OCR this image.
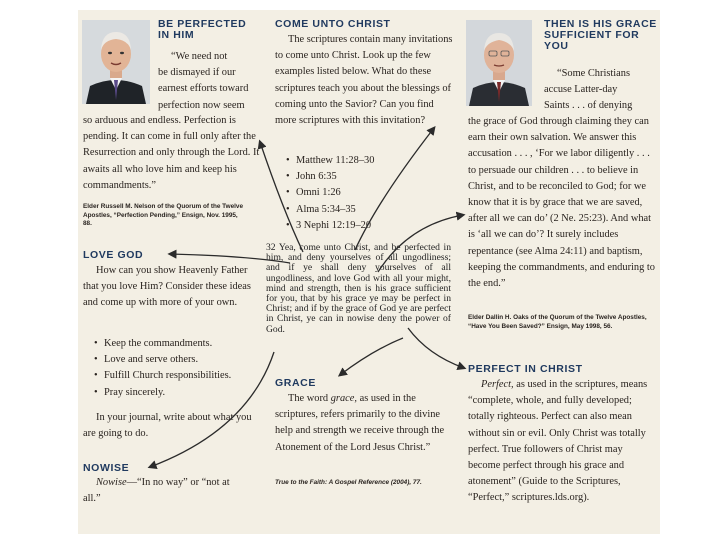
BE PERFECTED
IN HIM

“We need not

be dismayed if our

earnest efforts toward

perfection now seem

so arduous and endless. Perfection is pending. It can come in full only after the Resurrection and only through the Lord. It awaits all who love him and keep his commandments.”
Elder Russell M. Nelson of the Quorum of the Twelve Apostles, “Perfection Pending,” Ensign, Nov. 1995, 88.
LOVE GOD
How can you show Heavenly Father that you love Him? Consider these ideas and come up with more of your own.
• Keep the commandments.
• Love and serve others.
• Fulfill Church responsibilities.
• Pray sincerely.
In your journal, write about what you are going to do.
NOWISE
Nowise—“In no way” or “not at all.”
COME UNTO CHRIST
The scriptures contain many invitations to come unto Christ. Look up the few examples listed below. What do these scriptures teach you about the blessings of coming unto the Savior? Can you find more scriptures with this invitation?
• Matthew 11:28–30
• John 6:35
• Omni 1:26
• Alma 5:34–35
• 3 Nephi 12:19–20
32 Yea, come unto Christ, and be perfected in him, and deny yourselves of all ungodliness; and if ye shall deny yourselves of all ungodliness, and love God with all your might, mind and strength, then is his grace sufficient for you, that by his grace ye may be perfect in Christ; and if by the grace of God ye are perfect in Christ, ye can in nowise deny the power of God.
GRACE
The word grace, as used in the scriptures, refers primarily to the divine help and strength we receive through the Atonement of the Lord Jesus Christ.”
True to the Faith: A Gospel Reference (2004), 77.
THEN IS HIS GRACE
SUFFICIENT FOR
YOU

“Some Christians

accuse Latter-day

Saints . . . of denying

the grace of God through claiming they can earn their own salvation. We answer this accusation . . . , ‘For we labor diligently . . . to persuade our children . . . to believe in Christ, and to be reconciled to God; for we know that it is by grace that we are saved, after all we can do’ (2 Ne. 25:23). And what is ‘all we can do’? It surely includes repentance (see Alma 24:11) and baptism, keeping the commandments, and enduring to the end.”
Elder Dallin H. Oaks of the Quorum of the Twelve Apostles, “Have You Been Saved?” Ensign, May 1998, 56.
PERFECT IN CHRIST
Perfect, as used in the scriptures, means “complete, whole, and fully developed; totally righteous. Perfect can also mean without sin or evil. Only Christ was totally perfect. True followers of Christ may become perfect through his grace and atonement” (Guide to the Scriptures, “Perfect,” scriptures.lds.org).
